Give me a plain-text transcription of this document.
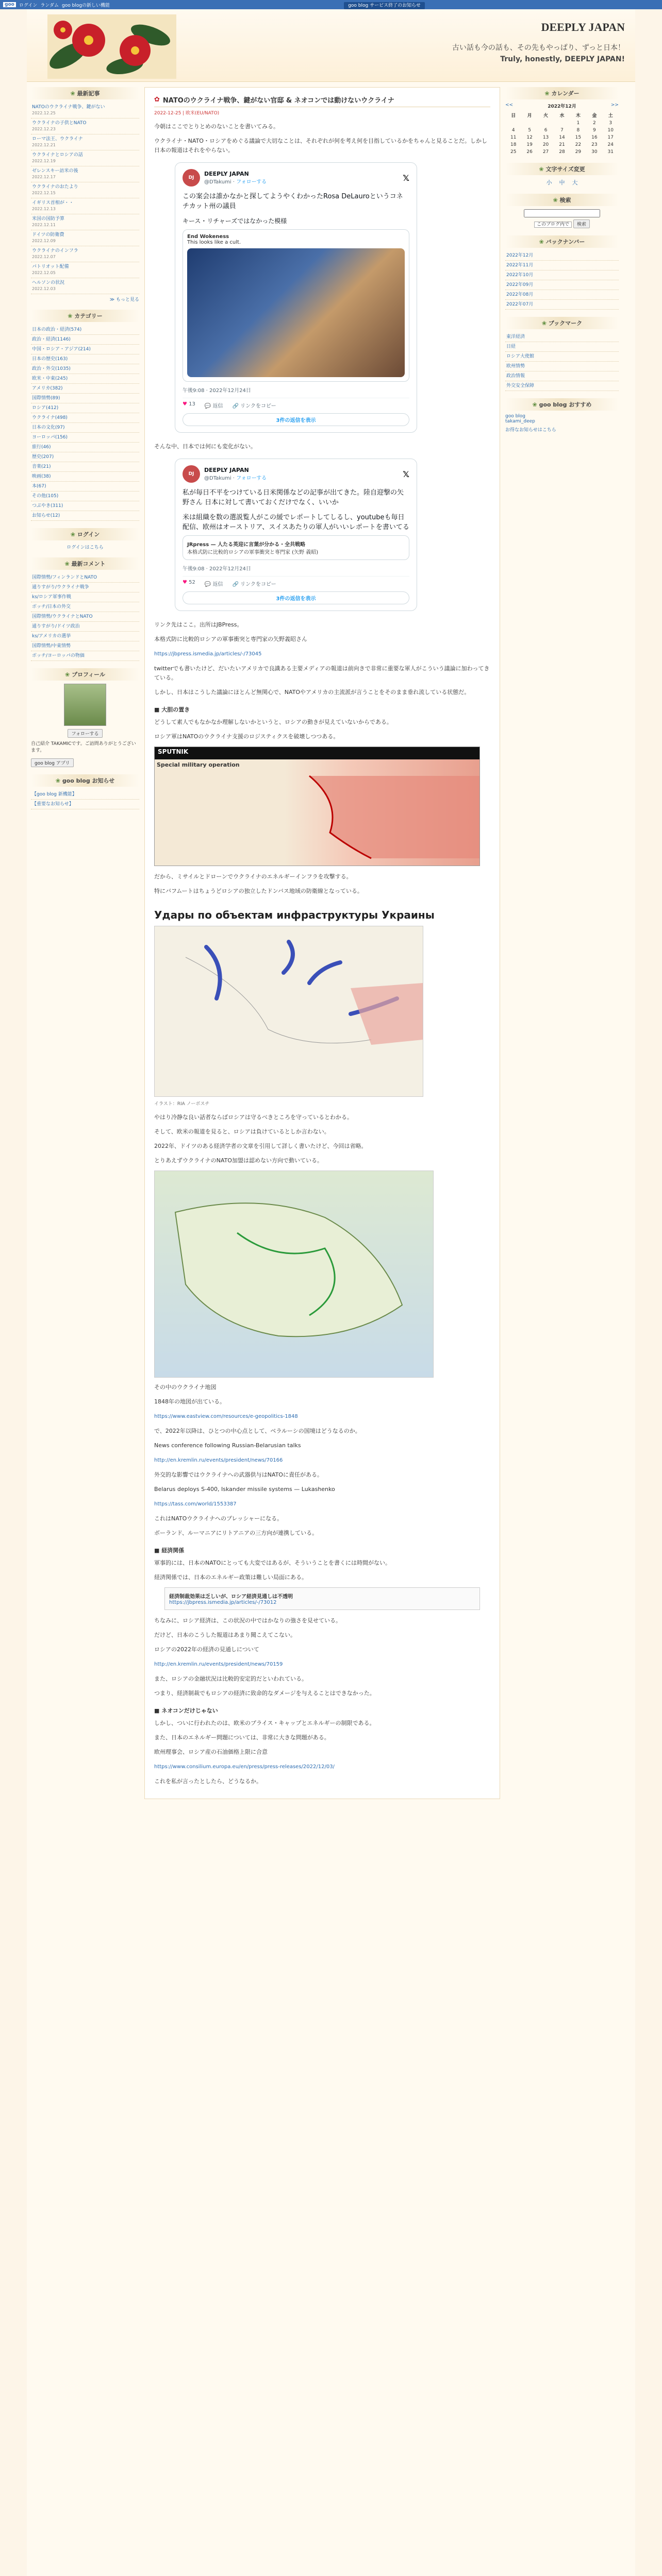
goo	ログイン ランダム goo blogの新しい機能	goo blog サービス終了のお知らせ
DEEPLY JAPAN
古い話も今の話も、その先もやっぱり、ずっと日本！
Truly, honestly, DEEPLY JAPAN!
❀ 最新記事
NATOのウクライナ戦争、鍵がない
2022.12.25
ウクライナの子供とNATO
2022.12.23
ローマ法王、ウクライナ
2022.12.21
ウクライナとロシアの話
2022.12.19
ゼレンスキー訪米の後
2022.12.17
ウクライナのおたより
2022.12.15
イギリス首相が・・
2022.12.13
米国の国防予算
2022.12.11
ドイツの防衛費
2022.12.09
ウクライナのインフラ
2022.12.07
パトリオット配備
2022.12.05
ヘルソンの状況
2022.12.03
≫ もっと見る
❀ カテゴリー
日本の政治・経済(574)
政治・経済(1146)
中国・ロシア・アジア(214)
日本の歴史(163)
政治・外交(1035)
欧米・中東(245)
アメリカ(382)
国際情勢(89)
ロシア(412)
ウクライナ(498)
日本の文化(97)
ヨーロッパ(156)
旅行(46)
歴史(207)
音楽(21)
映画(38)
本(67)
その他(105)
つぶやき(311)
お知らせ(12)
❀ ログイン
ログインはこちら
❀ 最新コメント
国際情勢/フィンランドとNATO
通りすがり/ウクライナ戦争
ks/ロシア軍事作戦
ボッチ/日本の外交
国際情勢/ウクライナとNATO
通りすがり/ドイツ政治
ks/アメリカの選挙
国際情勢/中東情勢
ボッチ/ヨーロッパの物価
❀ プロフィール
フォローする
自己紹介 TAKAMICです。ご訪問ありがとうございます。
goo blog アプリ
❀ goo blog お知らせ
【goo blog 新機能】
【重要なお知らせ】
✿ NATOのウクライナ戦争、鍵がない官邸 & ネオコンでは動けないウクライナ
2022-12-25 | 欧米(EU/NATO)

今朝はここでとりとめのないことを書いてみる。

ウクライナ・NATO・ロシアをめぐる議論で大切なことは、それぞれが何を考え何を目指しているかをちゃんと見ることだ。しかし日本の報道はそれをやらない。

DJ
DEEPLY JAPAN
@DTakumi · フォローする	𝕏
この案会は誰かなかと探してようやくわかったRosa DeLauroというコネチカット州の議員
キース・リチャーズではなかった模様
End Wokeness
This looks like a cult.
午後9:08 · 2022年12月24日
♥ 13 💬 返信 🔗 リンクをコピー
3件の返信を表示

そんな中、日本では何にも変化がない。

DJ
DEEPLY JAPAN
@DTakumi · フォローする	𝕏
私が毎日不平をつけている日米関係などの記事が出てきた。陸自迎撃の矢野さん 日本に対して書いておくだけでなく、いいか
米は組織を数の選説覧人がこの緩でレポートしてしるし、youtubeも毎日配信、欧州はオーストリア、スイスあたりの軍人がいいレポートを書いてる
JRpress — 人たる英迎に言葉が分かる・全共戦略
本格式防に比較的ロシアの軍事衝突と専門家 (矢野 義昭)
午後9:08 · 2022年12月24日
♥ 52 💬 返信 🔗 リンクをコピー
3件の返信を表示

リンク先はここ。出所はJBPress。

本格式防に比較的ロシアの軍事衝突と専門家の矢野義昭さん

https://jbpress.ismedia.jp/articles/-/73045

twitterでも書いたけど、だいたいアメリカで良識ある主要メディアの報道は前向きで非常に重要な軍人がこういう議論に加わってきている。

しかし、日本はこうした議論にほとんど無関心で、NATOやアメリカの主流派が言うことをそのまま垂れ流している状態だ。

■ 大胆の置き

どうして素人でもなかなか理解しないかというと、ロシアの動きが見えていないからである。

ロシア軍はNATOのウクライナ支援のロジスティクスを破壊しつつある。

SPUTNIK
Special military operation

だから、ミサイルとドローンでウクライナのエネルギーインフラを攻撃する。

特にバフムートはちょうどロシアの独立したドンバス地域の防衛線となっている。

Удары по объектам инфраструктуры Украины
イラスト：RIA ノーボスチ

やはり冷静な良い話者ならばロシアは守るべきところを守っているとわかる。

そして、欧米の報道を見ると、ロシアは負けているとしか言わない。

2022年、ドイツのある経済学者の文章を引用して詳しく書いたけど、今回は省略。

とりあえずウクライナのNATO加盟は認めない方向で動いている。

その中のウクライナ地図

1848年の地図が出ている。

https://www.eastview.com/resources/e-geopolitics-1848

で、2022年以降は、ひとつの中心点として、ベラルーシの国境はどうなるのか。

News conference following Russian-Belarusian talks

http://en.kremlin.ru/events/president/news/70166

外交的な影響ではウクライナへの武器供与はNATOに責任がある。

Belarus deploys S-400, Iskander missile systems — Lukashenko

https://tass.com/world/1553387

これはNATOウクライナへのプレッシャーになる。

ボーランド、ルーマニアにリトアニアの三方向が連携している。

■ 経済関係

軍事的には、日本のNATOにとっても大変ではあるが、そういうことを書くには時間がない。

経済関係では、日本のエネルギー政策は難しい局面にある。

経済制裁効果は乏しいが、ロシア経済見通しは不透明
https://jbpress.ismedia.jp/articles/-/73012

ちなみに、ロシア経済は、この状況の中ではかなりの強さを見せている。

だけど、日本のこうした報道はあまり聞こえてこない。

ロシアの2022年の経済の見通しについて

http://en.kremlin.ru/events/president/news/70159

また、ロシアの金融状況は比較的安定的だといわれている。

つまり、経済制裁でもロシアの経済に致命的なダメージを与えることはできなかった。

■ ネオコンだけじゃない

しかし、ついに行われたのは、欧米のプライス・キャップとエネルギーの制限である。

また、日本のエネルギー問題については、非常に大きな問題がある。

欧州理事会、ロシア産の石油価格上限に合意

https://www.consilium.europa.eu/en/press/press-releases/2022/12/03/

これを私が言ったとしたら、どうなるか。

❀ カレンダー
<<	2022年12月	>>
日	月	火	水	木	金	土
				1	2	3
4	5	6	7	8	9	10
11	12	13	14	15	16	17
18	19	20	21	22	23	24
25	26	27	28	29	30	31
❀ 文字サイズ変更
小 中 大
❀ 検索
このブログ内で 検索
❀ バックナンバー
2022年12月
2022年11月
2022年10月
2022年09月
2022年08月
2022年07月
❀ ブックマーク
東洋経済
日経
ロシア大使館
欧州情勢
政治情報
外交安全保障
❀ goo blog おすすめ
goo blog
takami_deep
お得なお知らせはこちら
